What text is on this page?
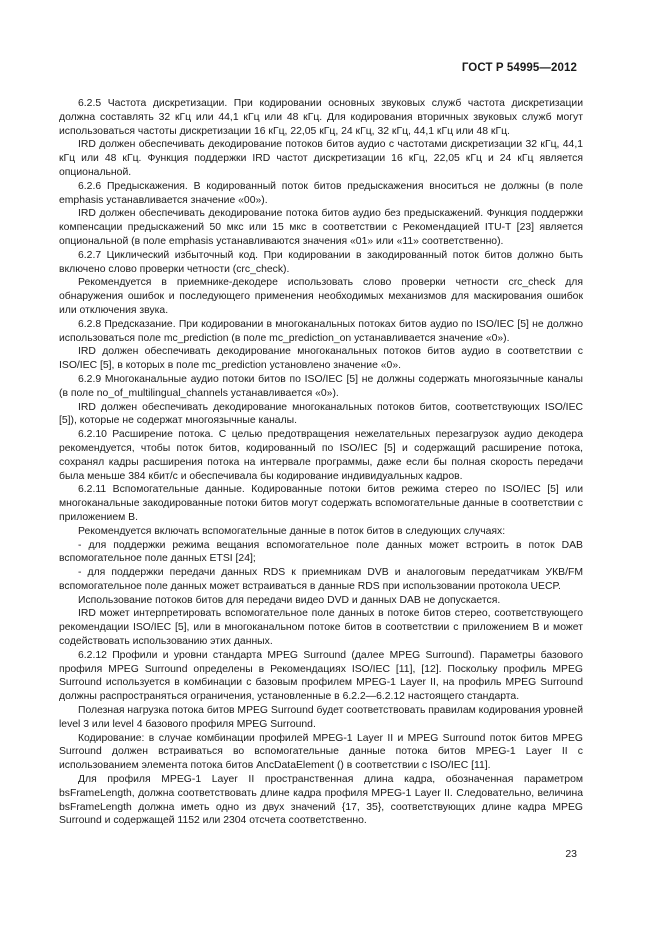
ГОСТ Р 54995—2012

6.2.5 Частота дискретизации. При кодировании основных звуковых служб частота дискретизации должна составлять 32 кГц или 44,1 кГц или 48 кГц. Для кодирования вторичных звуковых служб могут использоваться частоты дискретизации 16 кГц, 22,05 кГц, 24 кГц, 32 кГц, 44,1 кГц или 48 кГц.

IRD должен обеспечивать декодирование потоков битов аудио с частотами дискретизации 32 кГц, 44,1 кГц или 48 кГц. Функция поддержки IRD частот дискретизации 16 кГц, 22,05 кГц и 24 кГц является опциональной.

6.2.6 Предыскажения. В кодированный поток битов предыскажения вноситься не должны (в поле emphasis устанавливается значение «00»).

IRD должен обеспечивать декодирование потока битов аудио без предыскажений. Функция поддержки компенсации предыскажений 50 мкс или 15 мкс в соответствии с Рекомендацией ITU-T [23] является опциональной (в поле emphasis устанавливаются значения «01» или «11» соответственно).

6.2.7 Циклический избыточный код. При кодировании в закодированный поток битов должно быть включено слово проверки четности (crc_check).

Рекомендуется в приемнике-декодере использовать слово проверки четности crc_check для обнаружения ошибок и последующего применения необходимых механизмов для маскирования ошибок или отключения звука.

6.2.8 Предсказание. При кодировании в многоканальных потоках битов аудио по ISO/IEC [5] не должно использоваться поле mc_prediction (в поле mc_prediction_on устанавливается значение «0»).

IRD должен обеспечивать декодирование многоканальных потоков битов аудио в соответствии с ISO/IEC [5], в которых в поле mc_prediction установлено значение «0».

6.2.9 Многоканальные аудио потоки битов по ISO/IEC [5] не должны содержать многоязычные каналы (в поле no_of_multilingual_channels устанавливается «0»).

IRD должен обеспечивать декодирование многоканальных потоков битов, соответствующих ISO/IEC [5]), которые не содержат многоязычные каналы.

6.2.10 Расширение потока. С целью предотвращения нежелательных перезагрузок аудио декодера рекомендуется, чтобы поток битов, кодированный по ISO/IEC [5] и содержащий расширение потока, сохранял кадры расширения потока на интервале программы, даже если бы полная скорость передачи была меньше 384 кбит/с и обеспечивала бы кодирование индивидуальных кадров.

6.2.11 Вспомогательные данные. Кодированные потоки битов режима стерео по ISO/IEC [5] или многоканальные закодированные потоки битов могут содержать вспомогательные данные в соответствии с приложением В.

Рекомендуется включать вспомогательные данные в поток битов в следующих случаях:

- для поддержки режима вещания вспомогательное поле данных может встроить в поток DAB вспомогательное поле данных ETSI [24];

- для поддержки передачи данных RDS к приемникам DVB и аналоговым передатчикам УКВ/FM вспомогательное поле данных может встраиваться в данные RDS при использовании протокола UECP.

Использование потоков битов для передачи видео DVD и данных DAB не допускается.

IRD может интерпретировать вспомогательное поле данных в потоке битов стерео, соответствующего рекомендации ISO/IEC [5], или в многоканальном потоке битов в соответствии с приложением В и может содействовать использованию этих данных.

6.2.12 Профили и уровни стандарта MPEG Surround (далее MPEG Surround). Параметры базового профиля MPEG Surround определены в Рекомендациях ISO/IEC [11], [12]. Поскольку профиль MPEG Surround используется в комбинации с базовым профилем MPEG-1 Layer II, на профиль MPEG Surround должны распространяться ограничения, установленные в 6.2.2—6.2.12 настоящего стандарта.

Полезная нагрузка потока битов MPEG Surround будет соответствовать правилам кодирования уровней level 3 или level 4 базового профиля MPEG Surround.

Кодирование: в случае комбинации профилей MPEG-1 Layer II и MPEG Surround поток битов MPEG Surround должен встраиваться во вспомогательные данные потока битов MPEG-1 Layer II с использованием элемента потока битов AncDataElement () в соответствии с ISO/IEC [11].

Для профиля MPEG-1 Layer II пространственная длина кадра, обозначенная параметром bsFrameLength, должна соответствовать длине кадра профиля MPEG-1 Layer II. Следовательно, величина bsFrameLength должна иметь одно из двух значений {17, 35}, соответствующих длине кадра MPEG Surround и содержащей 1152 или 2304 отсчета соответственно.

23
